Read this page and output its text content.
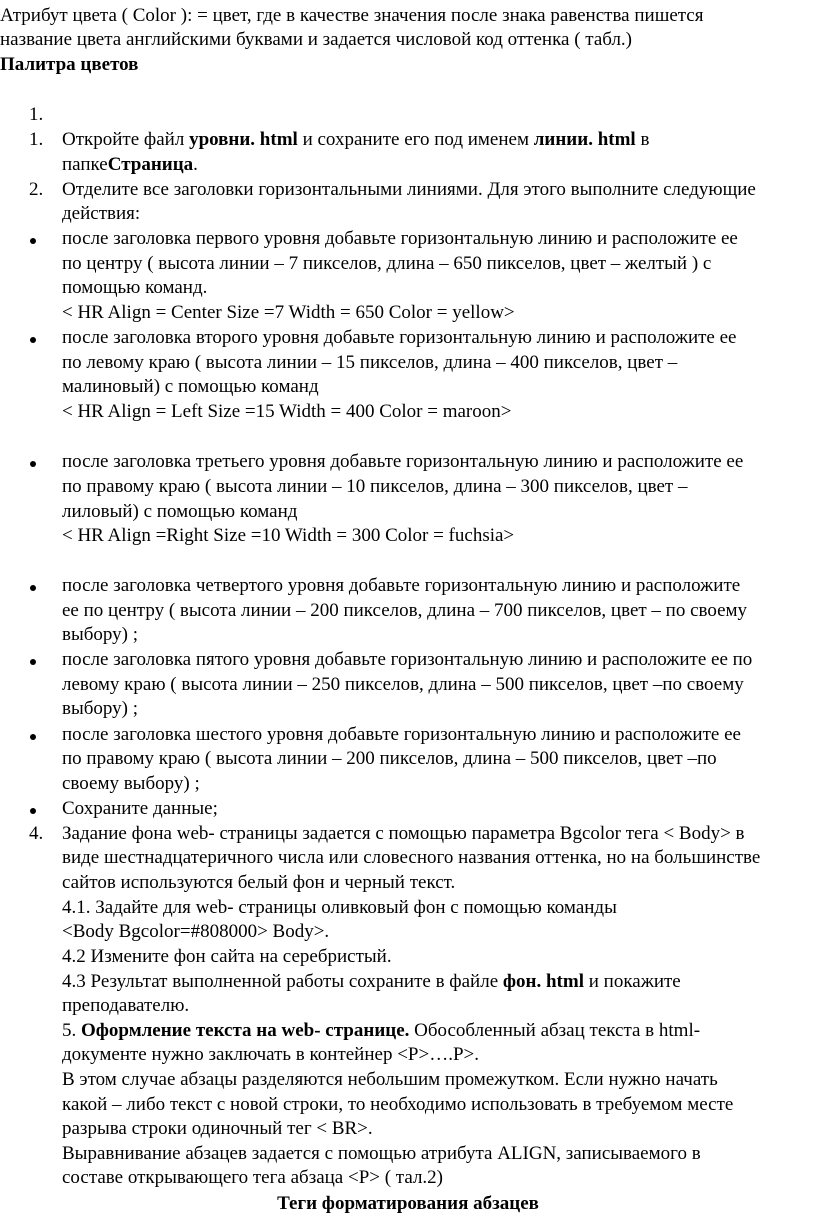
Атрибут цвета ( Color ): = цвет, где в качестве значения после знака равенства пишется
название цвета английскими буквами и задается числовой код оттенка ( табл.)
Палитра цветов
1.
1. Откройте файл уровни. html и сохраните его под именем линии. html в
папкеСтраница.
2. Отделите все заголовки горизонтальными линиями. Для этого выполните следующие
действия:
после заголовка первого уровня добавьте горизонтальную линию и расположите ее
по центру ( высота линии – 7 пикселов, длина – 650 пикселов, цвет – желтый ) с
помощью команд.
< HR Align = Center Size =7 Width = 650 Color = yellow>
после заголовка второго уровня добавьте горизонтальную линию и расположите ее
по левому краю ( высота линии – 15 пикселов, длина – 400 пикселов, цвет –
малиновый) с помощью команд
< HR Align = Left Size =15 Width = 400 Color = maroon>
после заголовка третьего уровня добавьте горизонтальную линию и расположите ее
по правому краю ( высота линии – 10 пикселов, длина – 300 пикселов, цвет –
лиловый) с помощью команд
< HR Align =Right Size =10 Width = 300 Color = fuchsia>
после заголовка четвертого уровня добавьте горизонтальную линию и расположите
ее по центру ( высота линии – 200 пикселов, длина – 700 пикселов, цвет – по своему
выбору) ;
после заголовка пятого уровня добавьте горизонтальную линию и расположите ее по
левому краю ( высота линии – 250 пикселов, длина – 500 пикселов, цвет –по своему
выбору) ;
после заголовка шестого уровня добавьте горизонтальную линию и расположите ее
по правому краю ( высота линии – 200 пикселов, длина – 500 пикселов, цвет –по
своему выбору) ;
Сохраните данные;
4. Задание фона web- страницы задается с помощью параметра Bgcolor тега < Body> в
виде шестнадцатеричного числа или словесного названия оттенка, но на большинстве
сайтов используются белый фон и черный текст.
4.1. Задайте для web- страницы оливковый фон с помощью команды
<Body Bgcolor=#808000> Body>.
4.2 Измените фон сайта на серебристый.
4.3 Результат выполненной работы сохраните в файле фон. html и покажите
преподавателю.
5. Оформление текста на web- странице. Обособленный абзац текста в html-
документе нужно заключать в контейнер <P>….P>.
В этом случае абзацы разделяются небольшим промежутком. Если нужно начать
какой – либо текст с новой строки, то необходимо использовать в требуемом месте
разрыва строки одиночный тег < BR>.
Выравнивание абзацев задается с помощью атрибута ALIGN, записываемого в
составе открывающего тега абзаца <P> ( тал.2)
Теги форматирования абзацев
